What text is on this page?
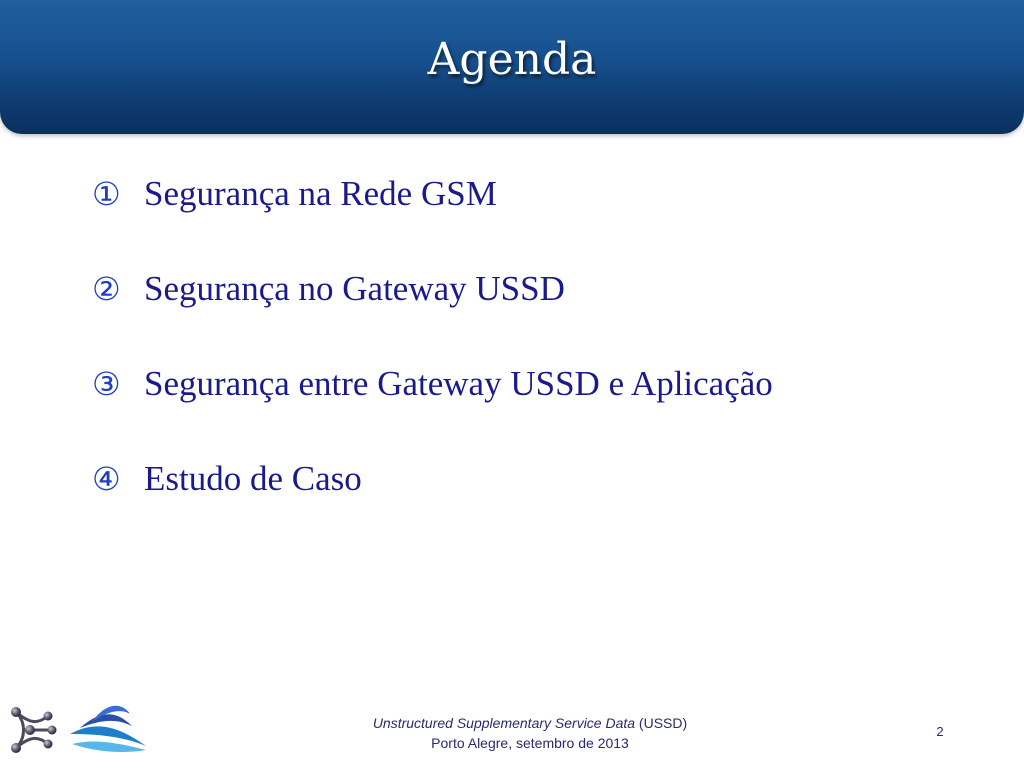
Agenda
① Segurança na Rede GSM
② Segurança no Gateway USSD
③ Segurança entre Gateway USSD e Aplicação
④ Estudo de Caso
Unstructured Supplementary Service Data (USSD)
Porto Alegre, setembro de 2013
2
